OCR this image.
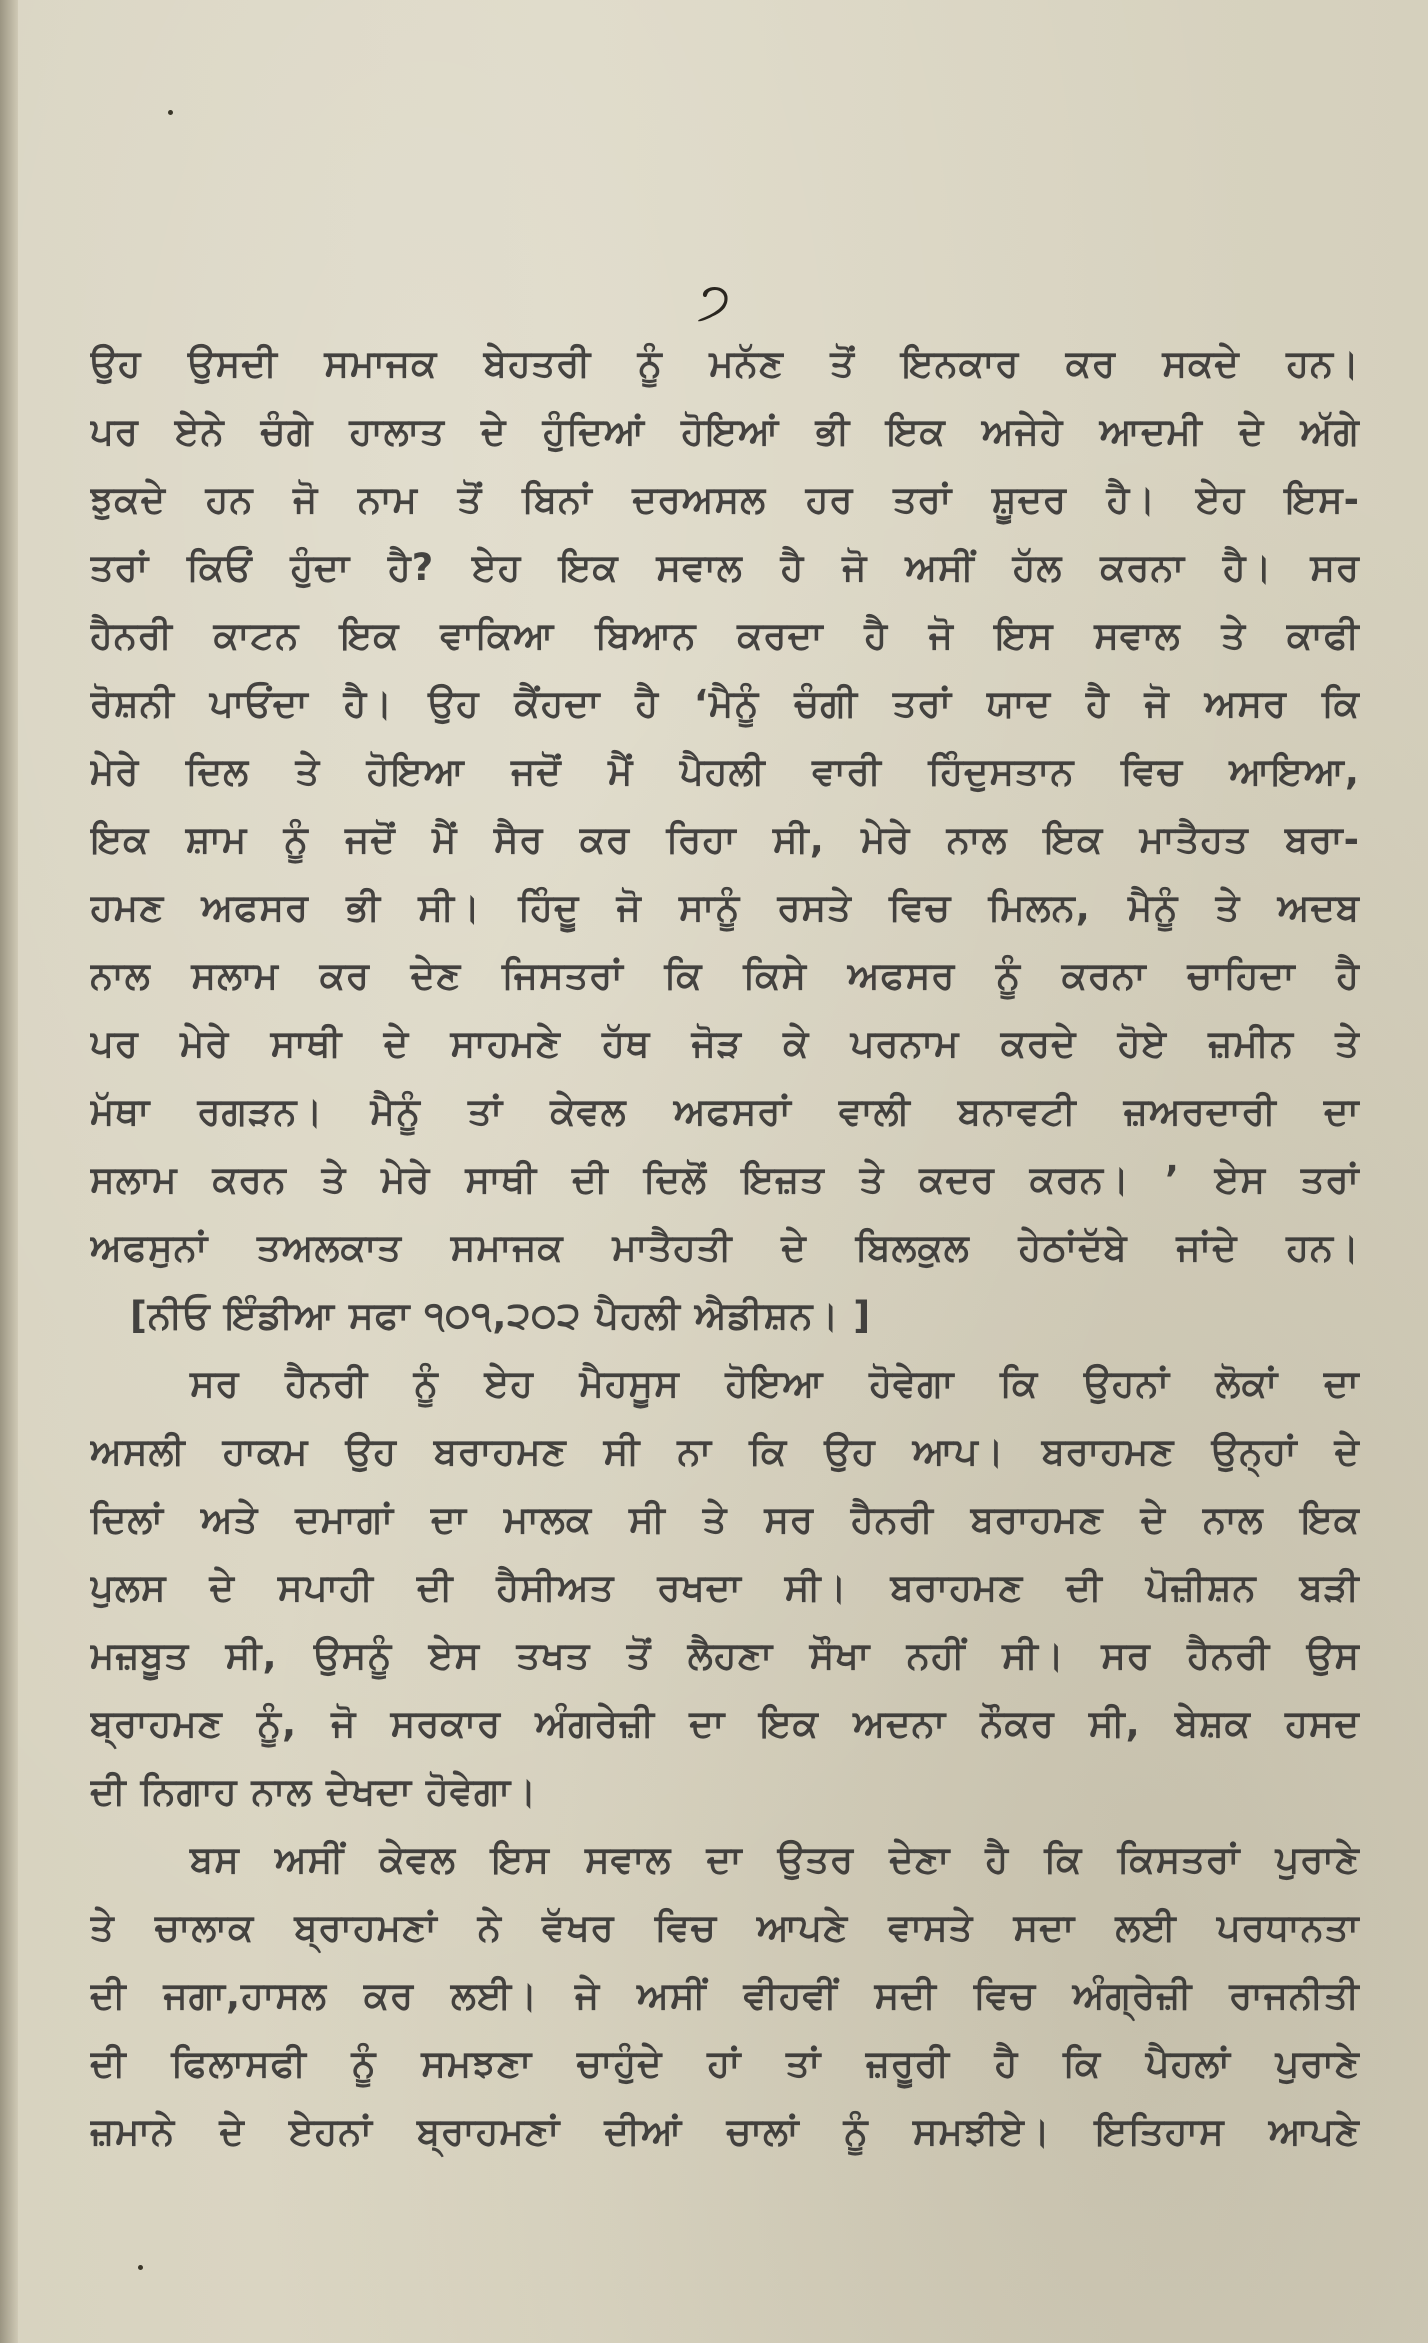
੭
ਉਹ ਉਸਦੀ ਸਮਾਜਕ ਬੇਹਤਰੀ ਨੂੰ ਮਨੱਣ ਤੋਂ ਇਨਕਾਰ ਕਰ ਸਕਦੇ ਹਨ।
ਪਰ ਏਨੇ ਚੰਗੇ ਹਾਲਾਤ ਦੇ ਹੁੰਦਿਆਂ ਹੋਇਆਂ ਭੀ ਇਕ ਅਜੇਹੇ ਆਦਮੀ ਦੇ ਅੱਗੇ
ਝੁਕਦੇ ਹਨ ਜੋ ਨਾਮ ਤੋਂ ਬਿਨਾਂ ਦਰਅਸਲ ਹਰ ਤਰਾਂ ਸ਼ੂਦਰ ਹੈ। ਏਹ ਇਸ-
ਤਰਾਂ ਕਿਓਂ ਹੁੰਦਾ ਹੈ? ਏਹ ਇਕ ਸਵਾਲ ਹੈ ਜੋ ਅਸੀਂ ਹੱਲ ਕਰਨਾ ਹੈ। ਸਰ
ਹੈਨਰੀ ਕਾਟਨ ਇਕ ਵਾਕਿਆ ਬਿਆਨ ਕਰਦਾ ਹੈ ਜੋ ਇਸ ਸਵਾਲ ਤੇ ਕਾਫੀ
ਰੋਸ਼ਨੀ ਪਾਓਂਦਾ ਹੈ। ਉਹ ਕੈਂਹਦਾ ਹੈ ‘ਮੈਨੂੰ ਚੰਗੀ ਤਰਾਂ ਯਾਦ ਹੈ ਜੋ ਅਸਰ ਕਿ
ਮੇਰੇ ਦਿਲ ਤੇ ਹੋਇਆ ਜਦੋਂ ਮੈਂ ਪੈਹਲੀ ਵਾਰੀ ਹਿੰਦੁਸਤਾਨ ਵਿਚ ਆਇਆ,
ਇਕ ਸ਼ਾਮ ਨੂੰ ਜਦੋਂ ਮੈਂ ਸੈਰ ਕਰ ਰਿਹਾ ਸੀ, ਮੇਰੇ ਨਾਲ ਇਕ ਮਾਤੈਹਤ ਬਰਾ-
ਹਮਣ ਅਫਸਰ ਭੀ ਸੀ। ਹਿੰਦੂ ਜੋ ਸਾਨੂੰ ਰਸਤੇ ਵਿਚ ਮਿਲਨ, ਮੈਨੂੰ ਤੇ ਅਦਬ
ਨਾਲ ਸਲਾਮ ਕਰ ਦੇਣ ਜਿਸਤਰਾਂ ਕਿ ਕਿਸੇ ਅਫਸਰ ਨੂੰ ਕਰਨਾ ਚਾਹਿਦਾ ਹੈ
ਪਰ ਮੇਰੇ ਸਾਥੀ ਦੇ ਸਾਹਮਣੇ ਹੱਥ ਜੋੜ ਕੇ ਪਰਨਾਮ ਕਰਦੇ ਹੋਏ ਜ਼ਮੀਨ ਤੇ
ਮੱਥਾ ਰਗੜਨ। ਮੈਨੂੰ ਤਾਂ ਕੇਵਲ ਅਫਸਰਾਂ ਵਾਲੀ ਬਨਾਵਟੀ ਜ਼ਅਰਦਾਰੀ ਦਾ
ਸਲਾਮ ਕਰਨ ਤੇ ਮੇਰੇ ਸਾਥੀ ਦੀ ਦਿਲੋਂ ਇਜ਼ਤ ਤੇ ਕਦਰ ਕਰਨ। ’ ਏਸ ਤਰਾਂ
ਅਫਸੁਨਾਂ ਤਅਲਕਾਤ ਸਮਾਜਕ ਮਾਤੈਹਤੀ ਦੇ ਬਿਲਕੁਲ ਹੇਠਾਂਦੱਬੇ ਜਾਂਦੇ ਹਨ।
[ਨੀਓ ਇੰਡੀਆ ਸਫਾ ੧੦੧,੨੦੨ ਪੈਹਲੀ ਐਡੀਸ਼ਨ। ]
ਸਰ ਹੈਨਰੀ ਨੂੰ ਏਹ ਮੈਹਸੂਸ ਹੋਇਆ ਹੋਵੇਗਾ ਕਿ ਉਹਨਾਂ ਲੋਕਾਂ ਦਾ
ਅਸਲੀ ਹਾਕਮ ਉਹ ਬਰਾਹਮਣ ਸੀ ਨਾ ਕਿ ਉਹ ਆਪ। ਬਰਾਹਮਣ ਉਨ੍ਹਾਂ ਦੇ
ਦਿਲਾਂ ਅਤੇ ਦਮਾਗਾਂ ਦਾ ਮਾਲਕ ਸੀ ਤੇ ਸਰ ਹੈਨਰੀ ਬਰਾਹਮਣ ਦੇ ਨਾਲ ਇਕ
ਪੁਲਸ ਦੇ ਸਪਾਹੀ ਦੀ ਹੈਸੀਅਤ ਰਖਦਾ ਸੀ। ਬਰਾਹਮਣ ਦੀ ਪੋਜ਼ੀਸ਼ਨ ਬੜੀ
ਮਜ਼ਬੂਤ ਸੀ, ਉਸਨੂੰ ਏਸ ਤਖਤ ਤੋਂ ਲੈਹਣਾ ਸੌਖਾ ਨਹੀਂ ਸੀ। ਸਰ ਹੈਨਰੀ ਉਸ
ਬ੍ਰਾਹਮਣ ਨੂੰ, ਜੋ ਸਰਕਾਰ ਅੰਗਰੇਜ਼ੀ ਦਾ ਇਕ ਅਦਨਾ ਨੌਕਰ ਸੀ, ਬੇਸ਼ਕ ਹਸਦ
ਦੀ ਨਿਗਾਹ ਨਾਲ ਦੇਖਦਾ ਹੋਵੇਗਾ।
ਬਸ ਅਸੀਂ ਕੇਵਲ ਇਸ ਸਵਾਲ ਦਾ ਉਤਰ ਦੇਣਾ ਹੈ ਕਿ ਕਿਸਤਰਾਂ ਪੁਰਾਣੇ
ਤੇ ਚਾਲਾਕ ਬ੍ਰਾਹਮਣਾਂ ਨੇ ਵੱਖਰ ਵਿਚ ਆਪਣੇ ਵਾਸਤੇ ਸਦਾ ਲਈ ਪਰਧਾਨਤਾ
ਦੀ ਜਗਾ,ਹਾਸਲ ਕਰ ਲਈ। ਜੇ ਅਸੀਂ ਵੀਹਵੀਂ ਸਦੀ ਵਿਚ ਅੰਗ੍ਰੇਜ਼ੀ ਰਾਜਨੀਤੀ
ਦੀ ਫਿਲਾਸਫੀ ਨੂੰ ਸਮਝਣਾ ਚਾਹੁੰਦੇ ਹਾਂ ਤਾਂ ਜ਼ਰੂਰੀ ਹੈ ਕਿ ਪੈਹਲਾਂ ਪੁਰਾਣੇ
ਜ਼ਮਾਨੇ ਦੇ ਏਹਨਾਂ ਬ੍ਰਾਹਮਣਾਂ ਦੀਆਂ ਚਾਲਾਂ ਨੂੰ ਸਮਝੀਏ। ਇਤਿਹਾਸ ਆਪਣੇ
